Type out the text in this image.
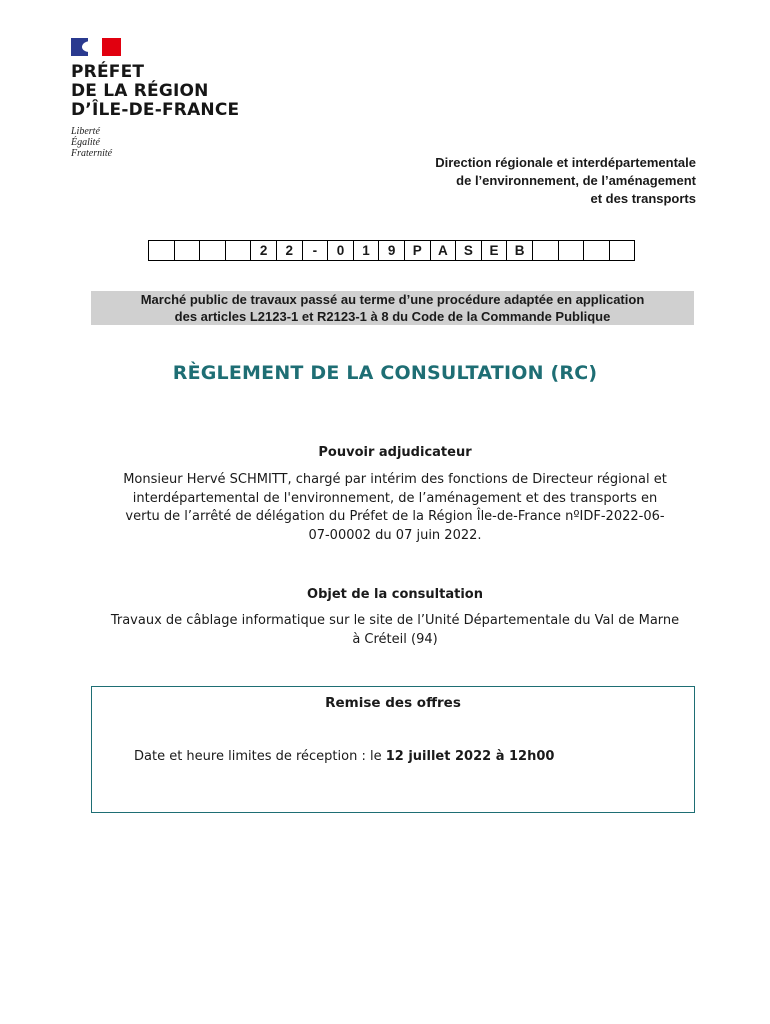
PRÉFET
DE LA RÉGION
D’ÎLE-DE-FRANCE
Liberté
Égalité
Fraternité
Direction régionale et interdépartementale
de l’environnement, de l’aménagement
et des transports
2	2	-	0	1	9	P	A	S	E	B
Marché public de travaux passé au terme d’une procédure adaptée en application
des articles L2123-1 et R2123-1 à 8 du Code de la Commande Publique
RÈGLEMENT DE LA CONSULTATION (RC)
Pouvoir adjudicateur
Monsieur Hervé SCHMITT, chargé par intérim des fonctions de Directeur régional et interdépartemental de l'environnement, de l’aménagement et des transports en vertu de l’arrêté de délégation du Préfet de la Région Île-de-France nºIDF-2022-06-07-00002 du 07 juin 2022.
Objet de la consultation
Travaux de câblage informatique sur le site de l’Unité Départementale du Val de Marne à Créteil (94)
Remise des offres
Date et heure limites de réception : le 12 juillet 2022 à 12h00
